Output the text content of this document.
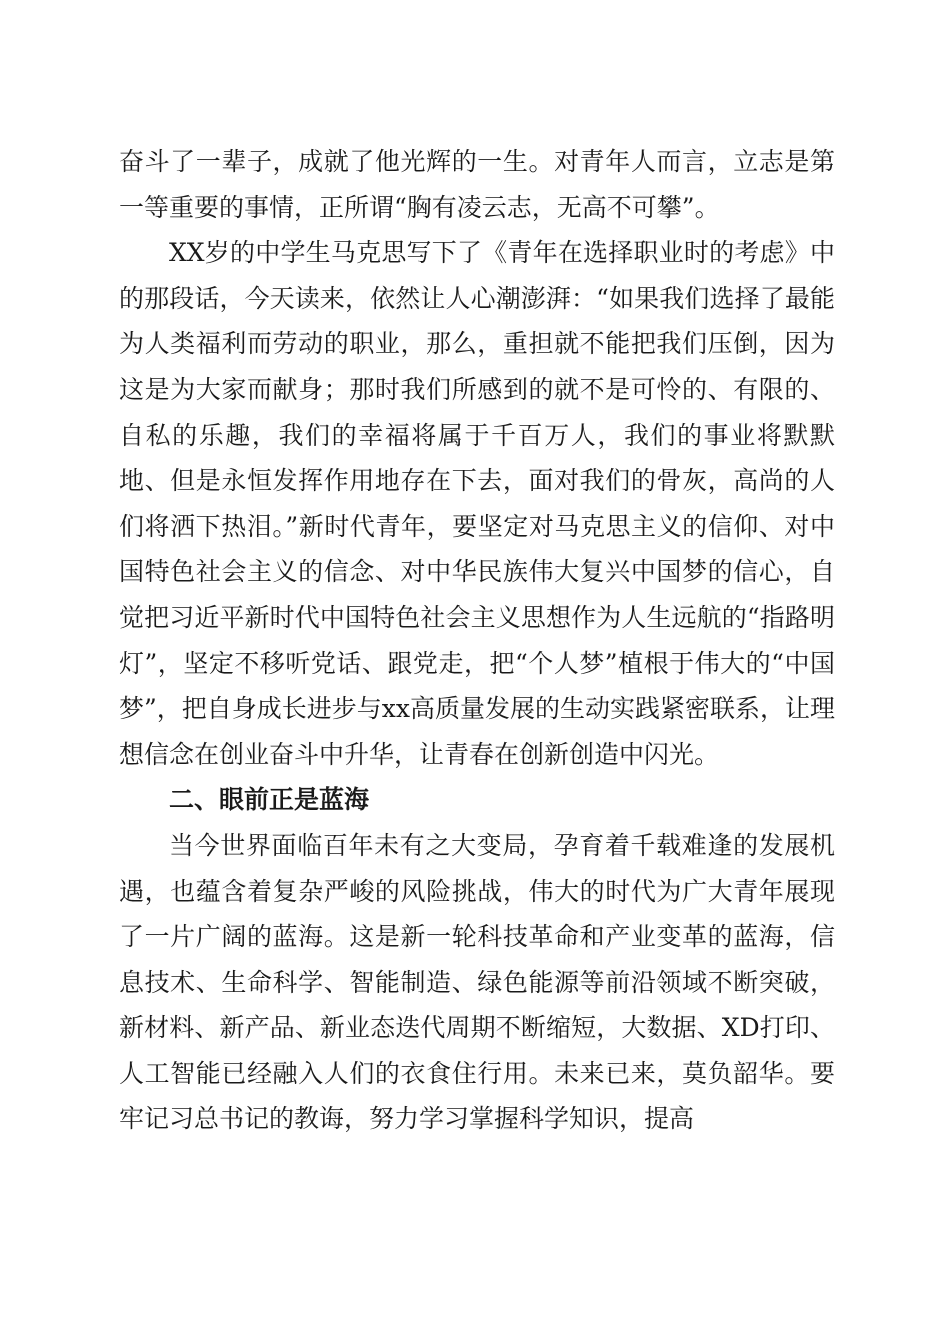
奋斗了一辈子，成就了他光辉的一生。对青年人而言，立志是第一等重要的事情，正所谓“胸有凌云志，无高不可攀”。

XX岁的中学生马克思写下了《青年在选择职业时的考虑》中的那段话，今天读来，依然让人心潮澎湃：“如果我们选择了最能为人类福利而劳动的职业，那么，重担就不能把我们压倒，因为这是为大家而献身；那时我们所感到的就不是可怜的、有限的、自私的乐趣，我们的幸福将属于千百万人，我们的事业将默默地、但是永恒发挥作用地存在下去，面对我们的骨灰，高尚的人们将洒下热泪。”新时代青年，要坚定对马克思主义的信仰、对中国特色社会主义的信念、对中华民族伟大复兴中国梦的信心，自觉把习近平新时代中国特色社会主义思想作为人生远航的“指路明灯”，坚定不移听党话、跟党走，把“个人梦”植根于伟大的“中国梦”，把自身成长进步与xx高质量发展的生动实践紧密联系，让理想信念在创业奋斗中升华，让青春在创新创造中闪光。

二、眼前正是蓝海

当今世界面临百年未有之大变局，孕育着千载难逢的发展机遇，也蕴含着复杂严峻的风险挑战，伟大的时代为广大青年展现了一片广阔的蓝海。这是新一轮科技革命和产业变革的蓝海，信息技术、生命科学、智能制造、绿色能源等前沿领域不断突破，新材料、新产品、新业态迭代周期不断缩短，大数据、XD打印、人工智能已经融入人们的衣食住行用。未来已来，莫负韶华。要牢记习总书记的教诲，努力学习掌握科学知识，提高
